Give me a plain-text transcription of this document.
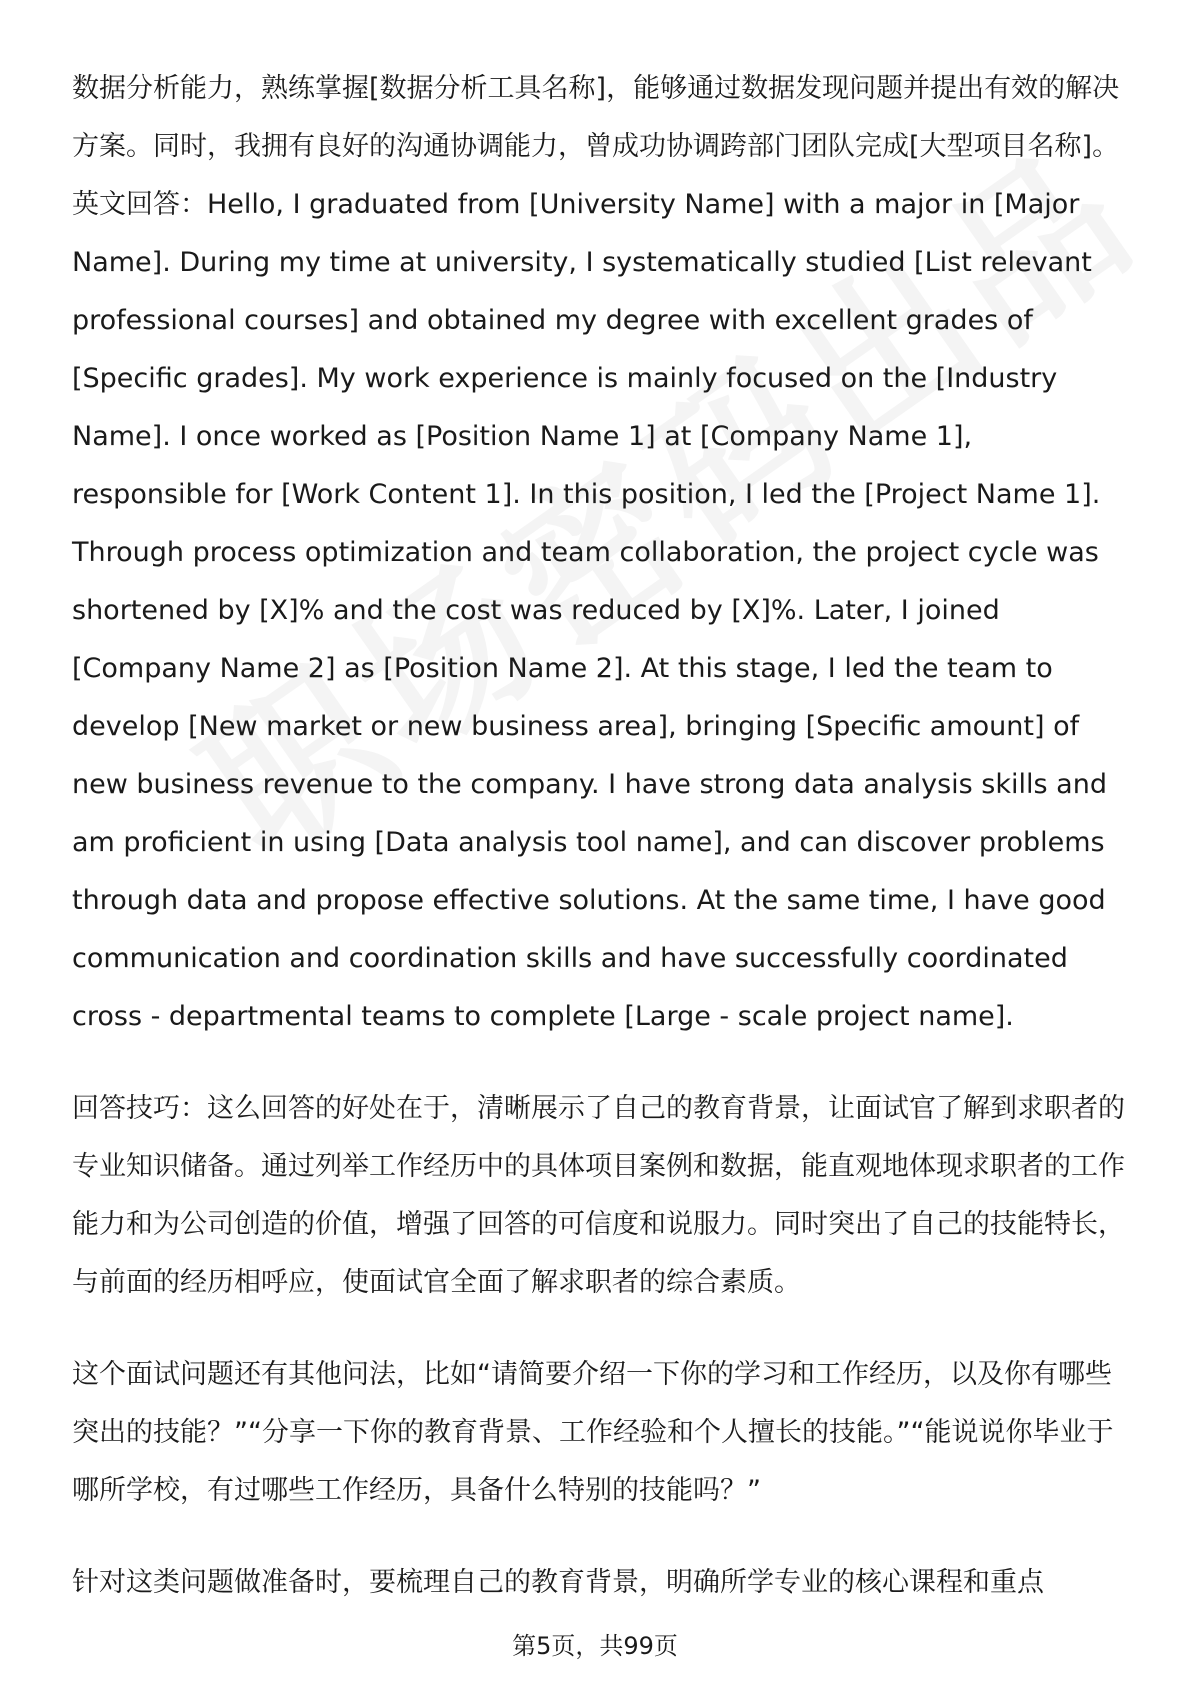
数据分析能力，熟练掌握[数据分析工具名称]，能够通过数据发现问题并提出有效的解决方案。同时，我拥有良好的沟通协调能力，曾成功协调跨部门团队完成[大型项目名称]。 英文回答：Hello, I graduated from [University Name] with a major in [Major Name]. During my time at university, I systematically studied [List relevant professional courses] and obtained my degree with excellent grades of [Specific grades]. My work experience is mainly focused on the [Industry Name]. I once worked as [Position Name 1] at [Company Name 1], responsible for [Work Content 1]. In this position, I led the [Project Name 1]. Through process optimization and team collaboration, the project cycle was shortened by [X]% and the cost was reduced by [X]%. Later, I joined [Company Name 2] as [Position Name 2]. At this stage, I led the team to develop [New market or new business area], bringing [Specific amount] of new business revenue to the company. I have strong data analysis skills and am proficient in using [Data analysis tool name], and can discover problems through data and propose effective solutions. At the same time, I have good communication and coordination skills and have successfully coordinated cross - departmental teams to complete [Large - scale project name].

回答技巧：这么回答的好处在于，清晰展示了自己的教育背景，让面试官了解到求职者的专业知识储备。通过列举工作经历中的具体项目案例和数据，能直观地体现求职者的工作能力和为公司创造的价值，增强了回答的可信度和说服力。同时突出了自己的技能特长，与前面的经历相呼应，使面试官全面了解求职者的综合素质。

这个面试问题还有其他问法，比如“请简要介绍一下你的学习和工作经历，以及你有哪些突出的技能？”“分享一下你的教育背景、工作经验和个人擅长的技能。”“能说说你毕业于哪所学校，有过哪些工作经历，具备什么特别的技能吗？”

针对这类问题做准备时，要梳理自己的教育背景，明确所学专业的核心课程和重点

第5页，共99页
